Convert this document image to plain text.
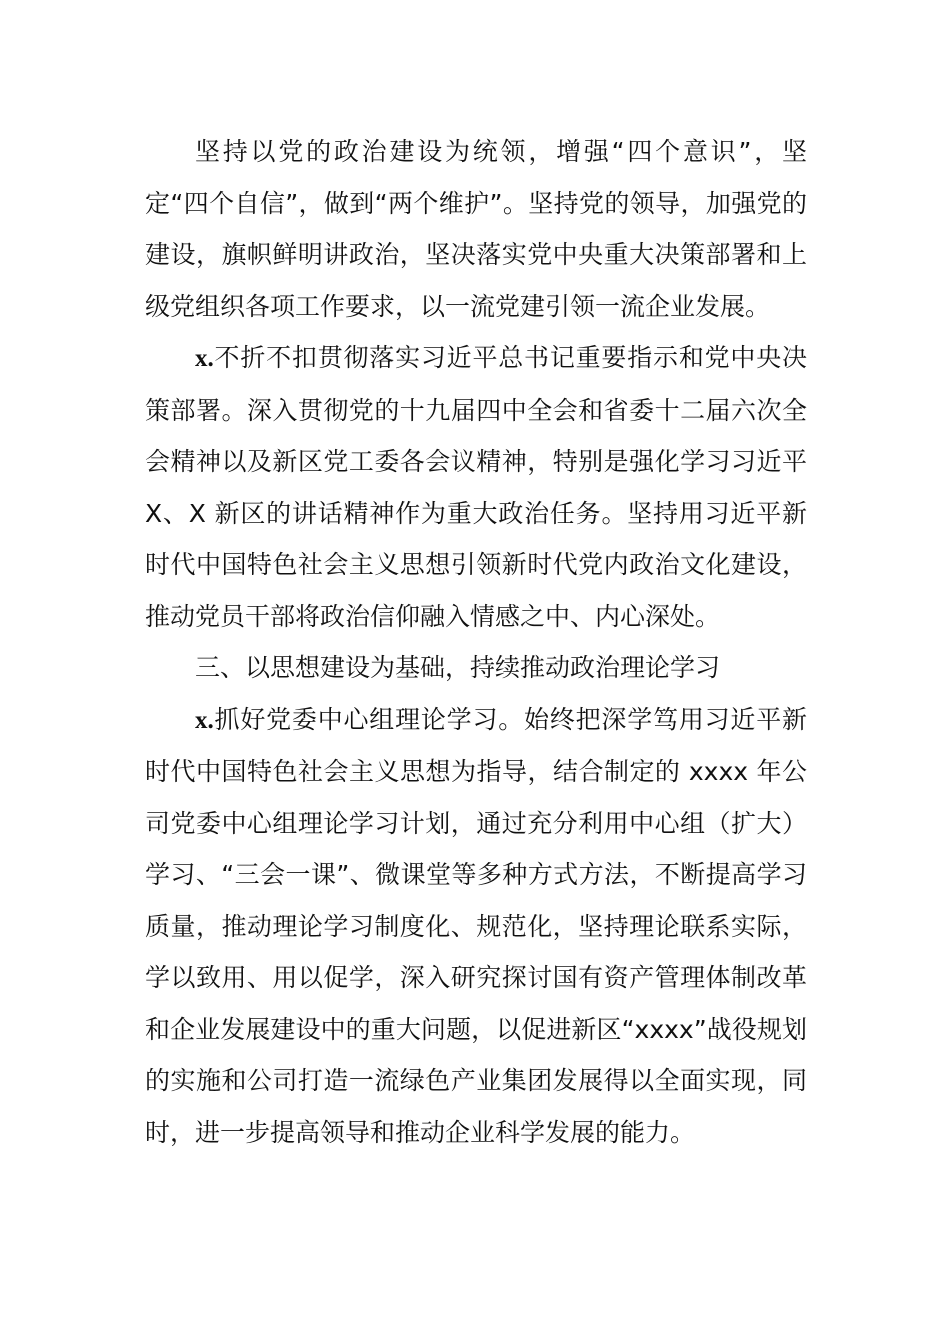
坚持以党的政治建设为统领，增强“四个意识”，坚定“四个自信”，做到“两个维护”。坚持党的领导，加强党的建设，旗帜鲜明讲政治，坚决落实党中央重大决策部署和上级党组织各项工作要求，以一流党建引领一流企业发展。

x.不折不扣贯彻落实习近平总书记重要指示和党中央决策部署。深入贯彻党的十九届四中全会和省委十二届六次全会精神以及新区党工委各会议精神，特别是强化学习习近平 X、X 新区的讲话精神作为重大政治任务。坚持用习近平新时代中国特色社会主义思想引领新时代党内政治文化建设，推动党员干部将政治信仰融入情感之中、内心深处。

三、以思想建设为基础，持续推动政治理论学习

x.抓好党委中心组理论学习。始终把深学笃用习近平新时代中国特色社会主义思想为指导，结合制定的 xxxx 年公司党委中心组理论学习计划，通过充分利用中心组（扩大）学习、“三会一课”、微课堂等多种方式方法，不断提高学习质量，推动理论学习制度化、规范化，坚持理论联系实际，学以致用、用以促学，深入研究探讨国有资产管理体制改革和企业发展建设中的重大问题，以促进新区“xxxx”战役规划的实施和公司打造一流绿色产业集团发展得以全面实现，同时，进一步提高领导和推动企业科学发展的能力。
